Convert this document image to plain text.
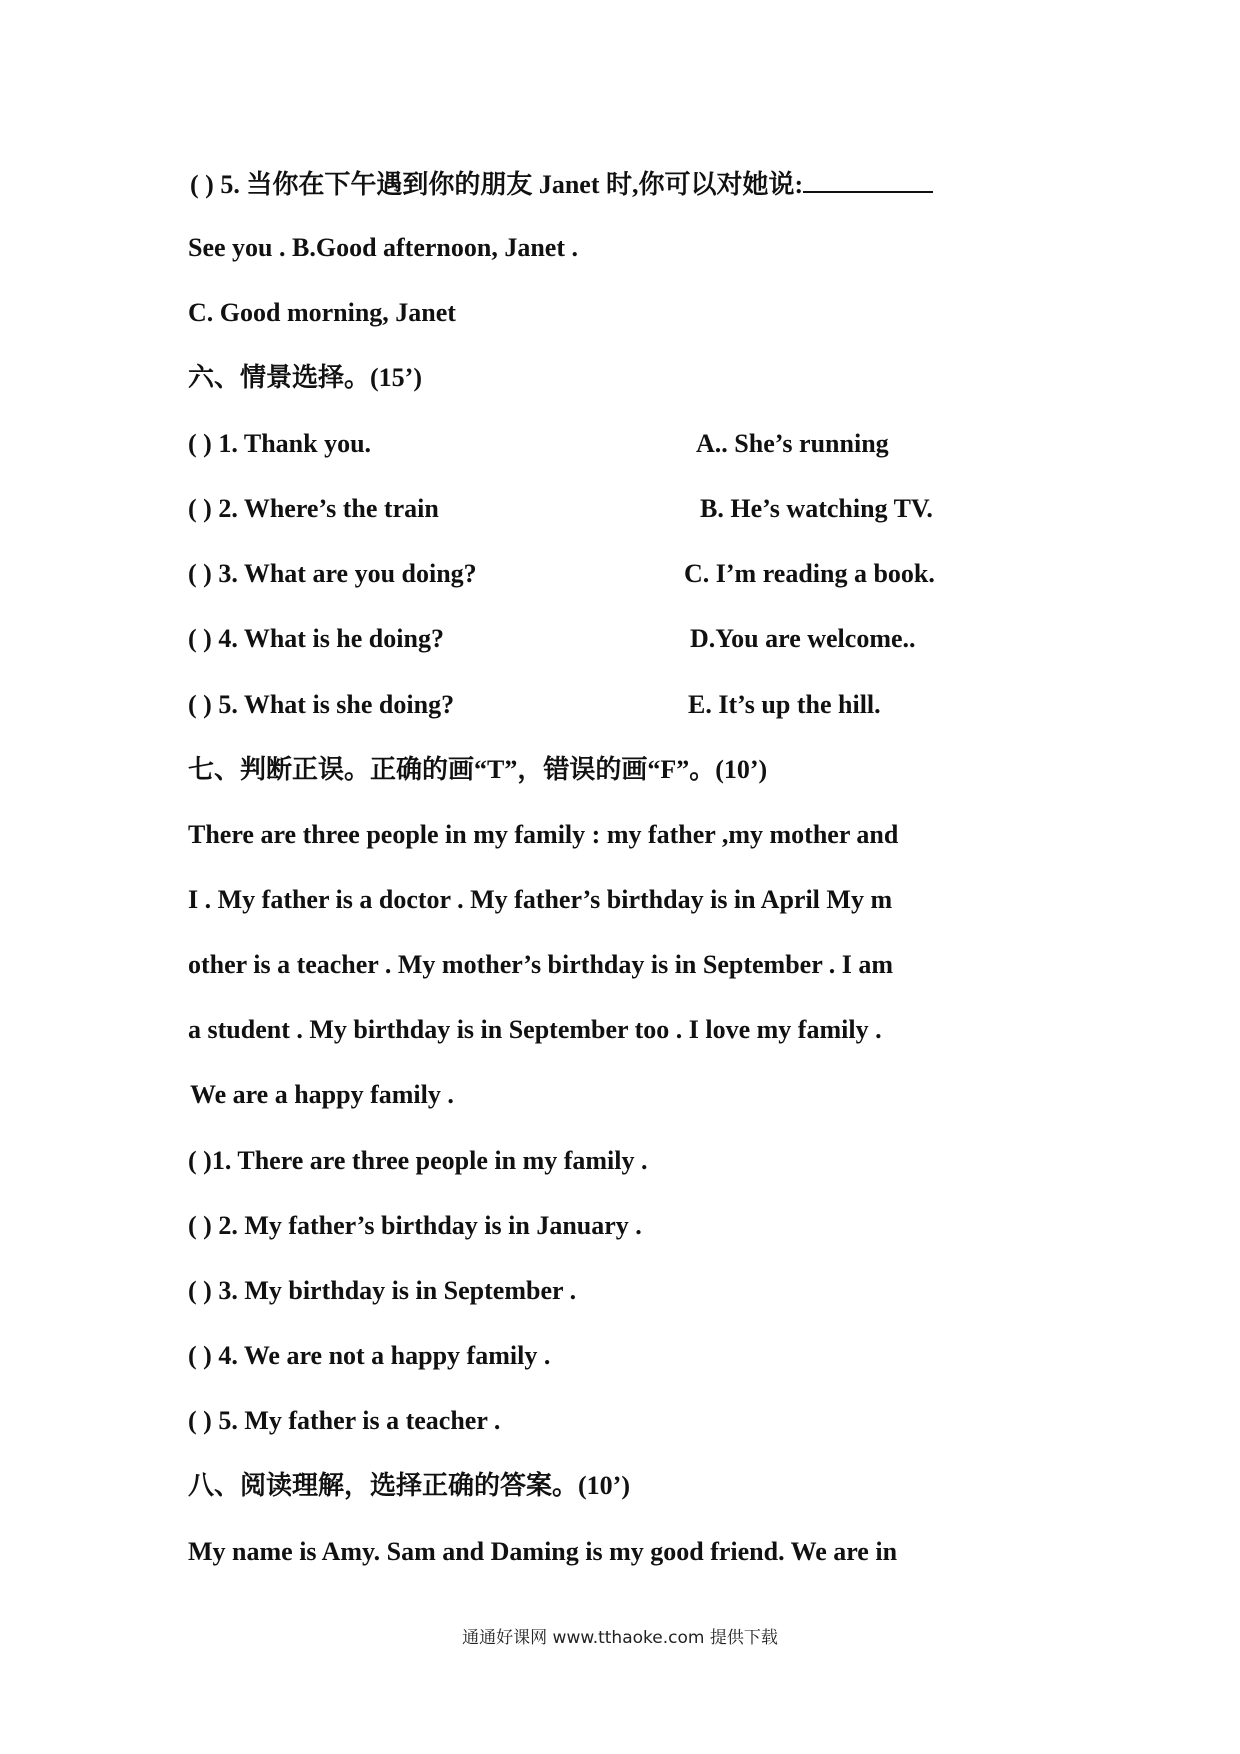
( ) 5. 当你在下午遇到你的朋友 Janet 时,你可以对她说:
See you . B.Good afternoon, Janet .
C. Good morning, Janet
六、情景选择。(15’)
( ) 1. Thank you.	A.. She’s running
( ) 2. Where’s the train	B. He’s watching TV.
( ) 3. What are you doing?	C. I’m reading a book.
( ) 4. What is he doing?	D.You are welcome..
( ) 5. What is she doing?	E. It’s up the hill.
七、判断正误。正确的画“T”，错误的画“F”。(10’)
There are three people in my family : my father ,my mother and
I . My father is a doctor . My father’s birthday is in April My m
other is a teacher . My mother’s birthday is in September . I am
a student . My birthday is in September too . I love my family .
We are a happy family .
( )1. There are three people in my family .
( ) 2. My father’s birthday is in January .
( ) 3. My birthday is in September .
( ) 4. We are not a happy family .
( ) 5. My father is a teacher .
八、阅读理解，选择正确的答案。(10’)
My name is Amy. Sam and Daming is my good friend. We are in
通通好课网 www.tthaoke.com 提供下载
